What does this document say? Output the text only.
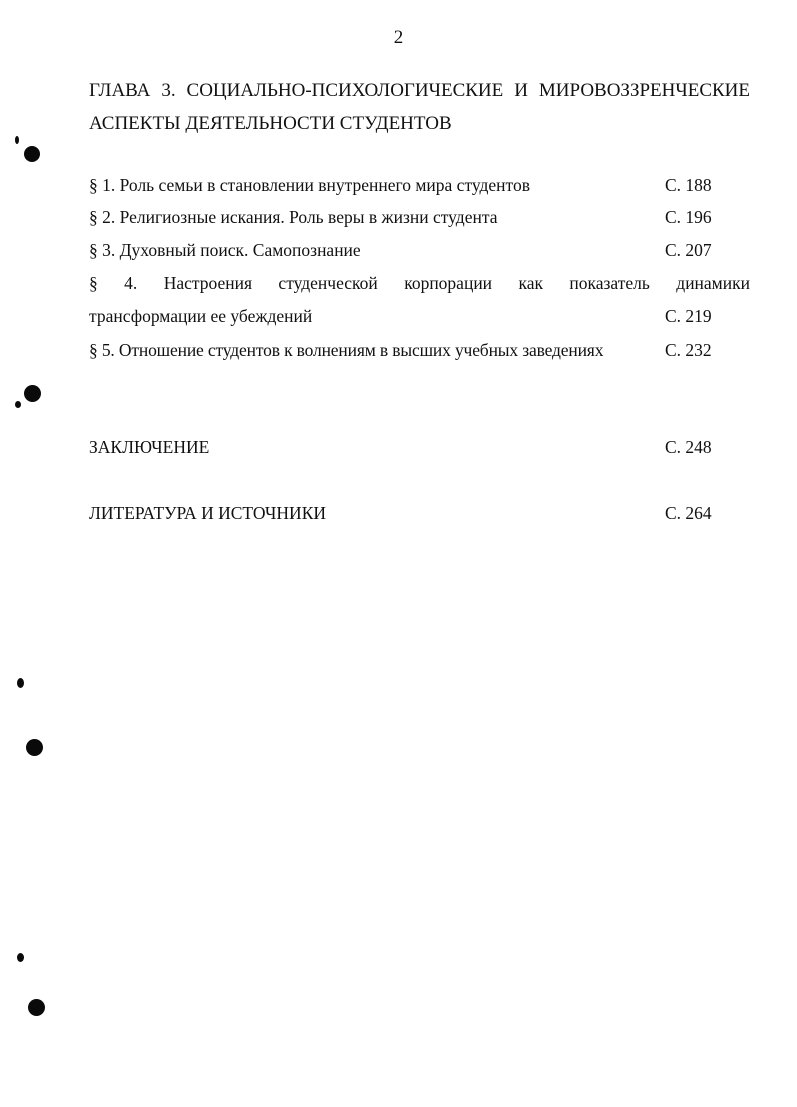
2
ГЛАВА 3. СОЦИАЛЬНО-ПСИХОЛОГИЧЕСКИЕ И МИРОВОЗЗРЕНЧЕСКИЕ
АСПЕКТЫ ДЕЯТЕЛЬНОСТИ СТУДЕНТОВ
§ 1. Роль семьи в становлении внутреннего мира студентов	С. 188
§ 2. Религиозные искания. Роль веры в жизни студента	С. 196
§ 3. Духовный поиск. Самопознание	С. 207
§ 4. Настроения студенческой корпорации как показатель динамики
трансформации ее убеждений	С. 219
§ 5. Отношение студентов к волнениям в высших учебных заведениях	С. 232
ЗАКЛЮЧЕНИЕ	С. 248
ЛИТЕРАТУРА И ИСТОЧНИКИ	С. 264
